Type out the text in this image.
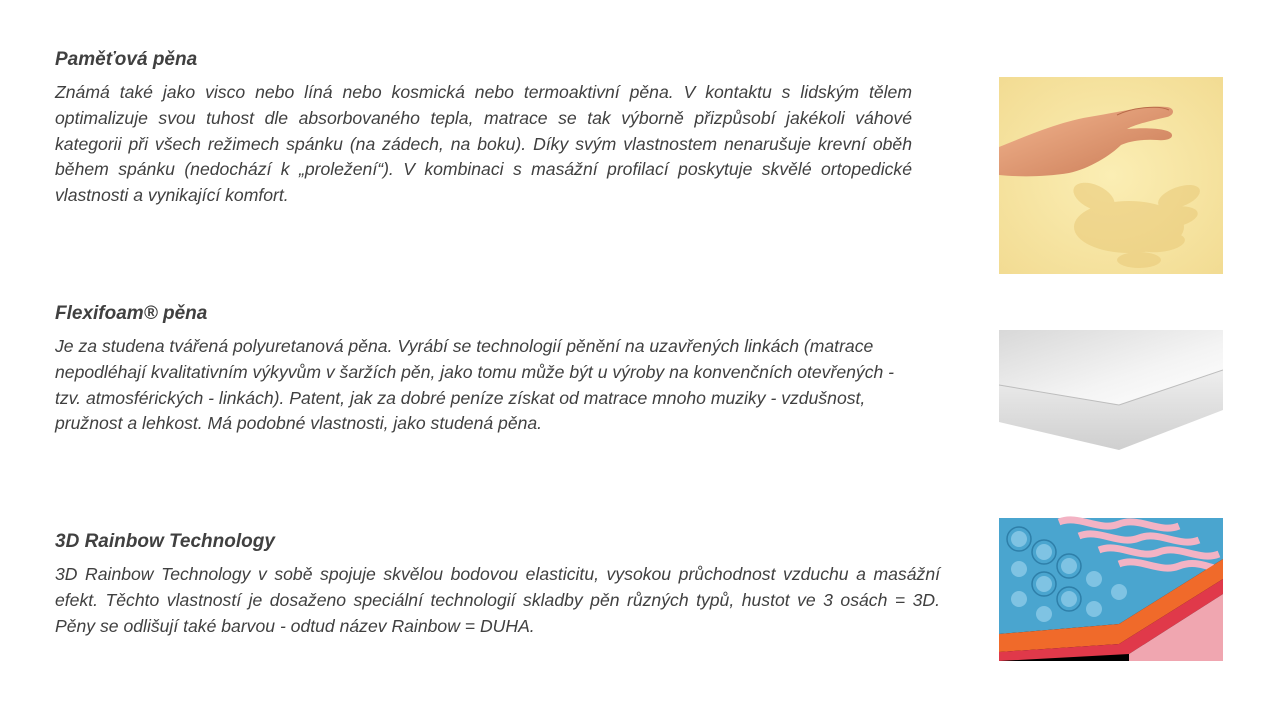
Paměťová pěna

Známá také jako visco nebo líná nebo kosmická nebo termoaktivní pěna. V kontaktu s lidským tělem optimalizuje svou tuhost dle absorbovaného tepla, matrace se tak výborně přizpůsobí jakékoli váhové kategorii při všech režimech spánku (na zádech, na boku). Díky svým vlastnostem nenarušuje krevní oběh během spánku (nedochází k „proležení“). V kombinaci s masážní profilací poskytuje skvělé ortopedické vlastnosti a vynikající komfort.

Flexifoam® pěna

Je za studena tvářená polyuretanová pěna. Vyrábí se technologií pěnění na uzavřených linkách (matrace nepodléhají kvalitativním výkyvům v šaržích pěn, jako tomu může být u výroby na konvenčních otevřených - tzv. atmosférických - linkách). Patent, jak za dobré peníze získat od matrace mnoho muziky - vzdušnost, pružnost a lehkost. Má podobné vlastnosti, jako studená pěna.

3D Rainbow Technology

3D Rainbow Technology v sobě spojuje skvělou bodovou elasticitu, vysokou průchodnost vzduchu a masážní efekt. Těchto vlastností je dosaženo speciální technologií skladby pěn různých typů, hustot ve 3 osách = 3D. Pěny se odlišují také barvou - odtud název Rainbow = DUHA.
